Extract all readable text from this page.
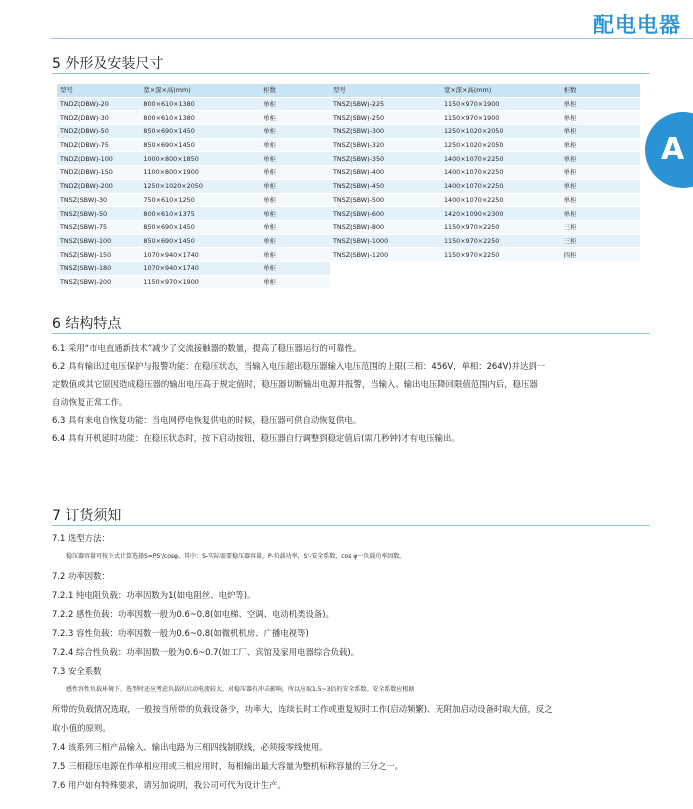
配电电器
A
5 外形及安装尺寸
型号	宽×深×高(mm)	柜数	型号	宽×深×高(mm)	柜数
TNDZ(DBW)-20	800×610×1380	单柜	TNSZ(SBW)-225	1150×970×1900	单柜
TNDZ(DBW)-30	800×610×1380	单柜	TNSZ(SBW)-250	1150×970×1900	单柜
TNDZ(DBW)-50	850×690×1450	单柜	TNSZ(SBW)-300	1250×1020×2050	单柜
TNDZ(DBW)-75	850×690×1450	单柜	TNSZ(SBW)-320	1250×1020×2050	单柜
TNDZ(DBW)-100	1000×800×1850	单柜	TNSZ(SBW)-350	1400×1070×2250	单柜
TNDZ(DBW)-150	1100×800×1900	单柜	TNSZ(SBW)-400	1400×1070×2250	单柜
TNDZ(DBW)-200	1250×1020×2050	单柜	TNSZ(SBW)-450	1400×1070×2250	单柜
TNSZ(SBW)-30	750×610×1250	单柜	TNSZ(SBW)-500	1400×1070×2250	单柜
TNSZ(SBW)-50	800×610×1375	单柜	TNSZ(SBW)-600	1420×1090×2300	单柜
TNSZ(SBW)-75	850×690×1450	单柜	TNSZ(SBW)-800	1150×970×2250	三柜
TNSZ(SBW)-100	850×690×1450	单柜	TNSZ(SBW)-1000	1150×970×2250	三柜
TNSZ(SBW)-150	1070×940×1740	单柜	TNSZ(SBW)-1200	1150×970×2250	四柜
TNSZ(SBW)-180	1070×940×1740	单柜			
TNSZ(SBW)-200	1150×970×1900	单柜			
6 结构特点
6.1 采用“市电直通新技术”减少了交流接触器的数量，提高了稳压器运行的可靠性。
6.2 具有输出过电压保护与报警功能：在稳压状态，当输入电压超出稳压器输入电压范围的上限(三相：456V，单相：264V)并达到一
定数值或其它原因造成稳压器的输出电压高于规定值时，稳压器切断输出电源并报警，当输入、输出电压降回限值范围内后，稳压器
自动恢复正常工作。
6.3 具有来电自恢复功能：当电网停电恢复供电的时候，稳压器可供自动恢复供电。
6.4 具有开机延时功能：在稳压状态时，按下启动按钮，稳压器自行调整到稳定值后(需几秒钟)才有电压输出。
7 订货须知
7.1 选型方法：
稳压器容量可按下式计算选择S=PS'/cosφ。其中：S-实际需要稳压器容量，P-负载功率，S'-安全系数，cos φ一负载功率因数。
7.2 功率因数：
7.2.1 纯电阻负载：功率因数为1(如电阻丝、电炉等)。
7.2.2 感性负载：功率因数一般为0.6~0.8(如电梯、空调、电动机类设备)。
7.2.3 容性负载：功率因数一般为0.6~0.8(如微机机房、广播电视等)
7.2.4 综合性负载：功率因数一般为0.6~0.7(如工厂、宾馆及家用电器综合负载)。
7.3 安全系数
感性容性负载环境下，选型时还应考虑负载的启动电流较大，对稳压器有冲击影响，所以应取1.5~3倍的安全系数。安全系数应根据
所带的负载情况选取，一般按当所带的负载设备少，功率大，连续长时工作或重复短时工作(启动频繁)、无附加启动设备时取大值，反之
取小值的原则。
7.4 该系列三相产品输入、输出电路为三相四线制联线，必须接零线使用。
7.5 三相稳压电源在作单相应用或三相应用时，每相输出最大容量为整机标称容量的三分之一。
7.6 用户如有特殊要求，请另加说明，我公司可代为设计生产。
